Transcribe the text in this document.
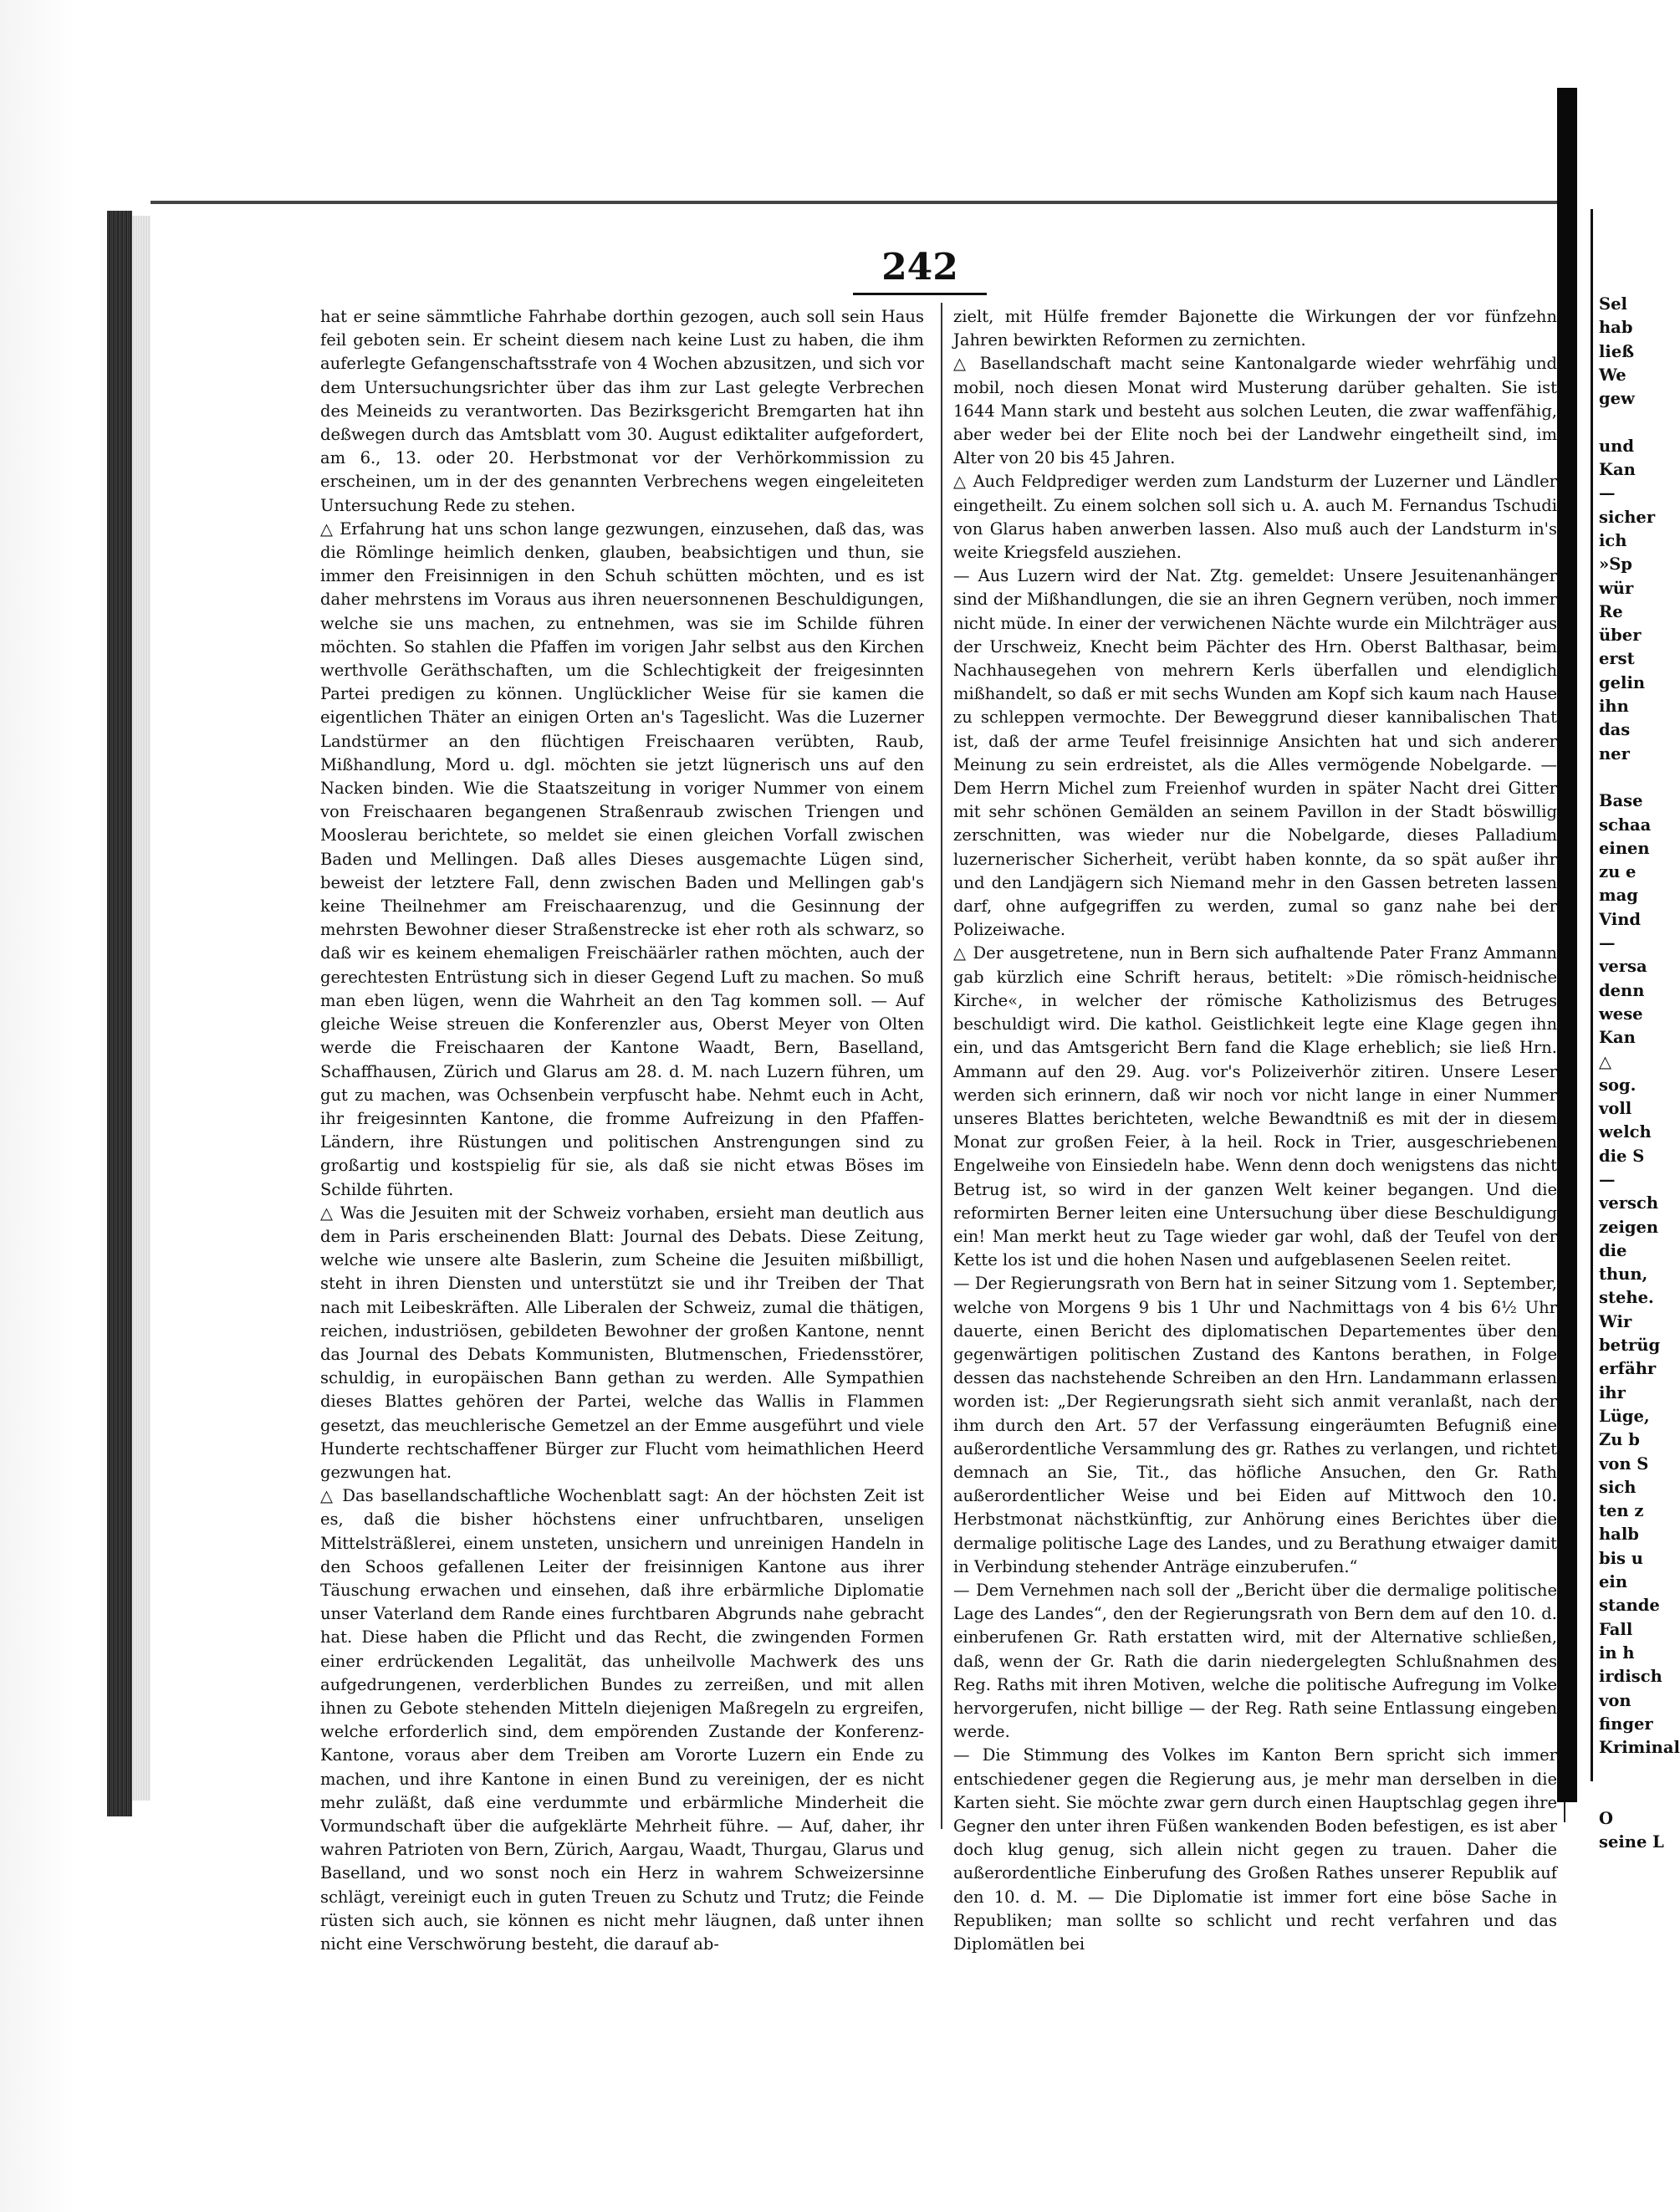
242

hat er seine sämmtliche Fahrhabe dorthin gezogen, auch soll sein Haus feil geboten sein. Er scheint diesem nach keine Lust zu haben, die ihm auferlegte Gefangenschaftsstrafe von 4 Wochen abzusitzen, und sich vor dem Untersuchungsrichter über das ihm zur Last gelegte Verbrechen des Meineids zu verantworten. Das Bezirksgericht Bremgarten hat ihn deßwegen durch das Amtsblatt vom 30. August ediktaliter aufgefordert, am 6., 13. oder 20. Herbstmonat vor der Verhörkommission zu erscheinen, um in der des genannten Verbrechens wegen eingeleiteten Untersuchung Rede zu stehen.

△ Erfahrung hat uns schon lange gezwungen, einzusehen, daß das, was die Römlinge heimlich denken, glauben, beabsichtigen und thun, sie immer den Freisinnigen in den Schuh schütten möchten, und es ist daher mehrstens im Voraus aus ihren neuersonnenen Beschuldigungen, welche sie uns machen, zu entnehmen, was sie im Schilde führen möchten. So stahlen die Pfaffen im vorigen Jahr selbst aus den Kirchen werthvolle Geräthschaften, um die Schlechtigkeit der freigesinnten Partei predigen zu können. Unglücklicher Weise für sie kamen die eigentlichen Thäter an einigen Orten an's Tageslicht. Was die Luzerner Landstürmer an den flüchtigen Freischaaren verübten, Raub, Mißhandlung, Mord u. dgl. möchten sie jetzt lügnerisch uns auf den Nacken binden. Wie die Staatszeitung in voriger Nummer von einem von Freischaaren begangenen Straßenraub zwischen Triengen und Mooslerau berichtete, so meldet sie einen gleichen Vorfall zwischen Baden und Mellingen. Daß alles Dieses ausgemachte Lügen sind, beweist der letztere Fall, denn zwischen Baden und Mellingen gab's keine Theilnehmer am Freischaarenzug, und die Gesinnung der mehrsten Bewohner dieser Straßenstrecke ist eher roth als schwarz, so daß wir es keinem ehemaligen Freischäärler rathen möchten, auch der gerechtesten Entrüstung sich in dieser Gegend Luft zu machen. So muß man eben lügen, wenn die Wahrheit an den Tag kommen soll. — Auf gleiche Weise streuen die Konferenzler aus, Oberst Meyer von Olten werde die Freischaaren der Kantone Waadt, Bern, Baselland, Schaffhausen, Zürich und Glarus am 28. d. M. nach Luzern führen, um gut zu machen, was Ochsenbein verpfuscht habe. Nehmt euch in Acht, ihr freigesinnten Kantone, die fromme Aufreizung in den Pfaffen-Ländern, ihre Rüstungen und politischen Anstrengungen sind zu großartig und kostspielig für sie, als daß sie nicht etwas Böses im Schilde führten.

△ Was die Jesuiten mit der Schweiz vorhaben, ersieht man deutlich aus dem in Paris erscheinenden Blatt: Journal des Debats. Diese Zeitung, welche wie unsere alte Baslerin, zum Scheine die Jesuiten mißbilligt, steht in ihren Diensten und unterstützt sie und ihr Treiben der That nach mit Leibeskräften. Alle Liberalen der Schweiz, zumal die thätigen, reichen, industriösen, gebildeten Bewohner der großen Kantone, nennt das Journal des Debats Kommunisten, Blutmenschen, Friedensstörer, schuldig, in europäischen Bann gethan zu werden. Alle Sympathien dieses Blattes gehören der Partei, welche das Wallis in Flammen gesetzt, das meuchlerische Gemetzel an der Emme ausgeführt und viele Hunderte rechtschaffener Bürger zur Flucht vom heimathlichen Heerd gezwungen hat.

△ Das basellandschaftliche Wochenblatt sagt: An der höchsten Zeit ist es, daß die bisher höchstens einer unfruchtbaren, unseligen Mittelsträßlerei, einem unsteten, unsichern und unreinigen Handeln in den Schoos gefallenen Leiter der freisinnigen Kantone aus ihrer Täuschung erwachen und einsehen, daß ihre erbärmliche Diplomatie unser Vaterland dem Rande eines furchtbaren Abgrunds nahe gebracht hat. Diese haben die Pflicht und das Recht, die zwingenden Formen einer erdrückenden Legalität, das unheilvolle Machwerk des uns aufgedrungenen, verderblichen Bundes zu zerreißen, und mit allen ihnen zu Gebote stehenden Mitteln diejenigen Maßregeln zu ergreifen, welche erforderlich sind, dem empörenden Zustande der Konferenz-Kantone, voraus aber dem Treiben am Vororte Luzern ein Ende zu machen, und ihre Kantone in einen Bund zu vereinigen, der es nicht mehr zuläßt, daß eine verdummte und erbärmliche Minderheit die Vormundschaft über die aufgeklärte Mehrheit führe. — Auf, daher, ihr wahren Patrioten von Bern, Zürich, Aargau, Waadt, Thurgau, Glarus und Baselland, und wo sonst noch ein Herz in wahrem Schweizersinne schlägt, vereinigt euch in guten Treuen zu Schutz und Trutz; die Feinde rüsten sich auch, sie können es nicht mehr läugnen, daß unter ihnen nicht eine Verschwörung besteht, die darauf ab-

zielt, mit Hülfe fremder Bajonette die Wirkungen der vor fünfzehn Jahren bewirkten Reformen zu zernichten.

△ Basellandschaft macht seine Kantonalgarde wieder wehrfähig und mobil, noch diesen Monat wird Musterung darüber gehalten. Sie ist 1644 Mann stark und besteht aus solchen Leuten, die zwar waffenfähig, aber weder bei der Elite noch bei der Landwehr eingetheilt sind, im Alter von 20 bis 45 Jahren.

△ Auch Feldprediger werden zum Landsturm der Luzerner und Ländler eingetheilt. Zu einem solchen soll sich u. A. auch M. Fernandus Tschudi von Glarus haben anwerben lassen. Also muß auch der Landsturm in's weite Kriegsfeld ausziehen.

— Aus Luzern wird der Nat. Ztg. gemeldet: Unsere Jesuitenanhänger sind der Mißhandlungen, die sie an ihren Gegnern verüben, noch immer nicht müde. In einer der verwichenen Nächte wurde ein Milchträger aus der Urschweiz, Knecht beim Pächter des Hrn. Oberst Balthasar, beim Nachhausegehen von mehrern Kerls überfallen und elendiglich mißhandelt, so daß er mit sechs Wunden am Kopf sich kaum nach Hause zu schleppen vermochte. Der Beweggrund dieser kannibalischen That ist, daß der arme Teufel freisinnige Ansichten hat und sich anderer Meinung zu sein erdreistet, als die Alles vermögende Nobelgarde. — Dem Herrn Michel zum Freienhof wurden in später Nacht drei Gitter mit sehr schönen Gemälden an seinem Pavillon in der Stadt böswillig zerschnitten, was wieder nur die Nobelgarde, dieses Palladium luzernerischer Sicherheit, verübt haben konnte, da so spät außer ihr und den Landjägern sich Niemand mehr in den Gassen betreten lassen darf, ohne aufgegriffen zu werden, zumal so ganz nahe bei der Polizeiwache.

△ Der ausgetretene, nun in Bern sich aufhaltende Pater Franz Ammann gab kürzlich eine Schrift heraus, betitelt: »Die römisch-heidnische Kirche«, in welcher der römische Katholizismus des Betruges beschuldigt wird. Die kathol. Geistlichkeit legte eine Klage gegen ihn ein, und das Amtsgericht Bern fand die Klage erheblich; sie ließ Hrn. Ammann auf den 29. Aug. vor's Polizeiverhör zitiren. Unsere Leser werden sich erinnern, daß wir noch vor nicht lange in einer Nummer unseres Blattes berichteten, welche Bewandtniß es mit der in diesem Monat zur großen Feier, à la heil. Rock in Trier, ausgeschriebenen Engelweihe von Einsiedeln habe. Wenn denn doch wenigstens das nicht Betrug ist, so wird in der ganzen Welt keiner begangen. Und die reformirten Berner leiten eine Untersuchung über diese Beschuldigung ein! Man merkt heut zu Tage wieder gar wohl, daß der Teufel von der Kette los ist und die hohen Nasen und aufgeblasenen Seelen reitet.

— Der Regierungsrath von Bern hat in seiner Sitzung vom 1. September, welche von Morgens 9 bis 1 Uhr und Nachmittags von 4 bis 6½ Uhr dauerte, einen Bericht des diplomatischen Departementes über den gegenwärtigen politischen Zustand des Kantons berathen, in Folge dessen das nachstehende Schreiben an den Hrn. Landammann erlassen worden ist: „Der Regierungsrath sieht sich anmit veranlaßt, nach der ihm durch den Art. 57 der Verfassung eingeräumten Befugniß eine außerordentliche Versammlung des gr. Rathes zu verlangen, und richtet demnach an Sie, Tit., das höfliche Ansuchen, den Gr. Rath außerordentlicher Weise und bei Eiden auf Mittwoch den 10. Herbstmonat nächstkünftig, zur Anhörung eines Berichtes über die dermalige politische Lage des Landes, und zu Berathung etwaiger damit in Verbindung stehender Anträge einzuberufen.“

— Dem Vernehmen nach soll der „Bericht über die dermalige politische Lage des Landes“, den der Regierungsrath von Bern dem auf den 10. d. einberufenen Gr. Rath erstatten wird, mit der Alternative schließen, daß, wenn der Gr. Rath die darin niedergelegten Schlußnahmen des Reg. Raths mit ihren Motiven, welche die politische Aufregung im Volke hervorgerufen, nicht billige — der Reg. Rath seine Entlassung eingeben werde.

— Die Stimmung des Volkes im Kanton Bern spricht sich immer entschiedener gegen die Regierung aus, je mehr man derselben in die Karten sieht. Sie möchte zwar gern durch einen Hauptschlag gegen ihre Gegner den unter ihren Füßen wankenden Boden befestigen, es ist aber doch klug genug, sich allein nicht gegen zu trauen. Daher die außerordentliche Einberufung des Großen Rathes unserer Republik auf den 10. d. M. — Die Diplomatie ist immer fort eine böse Sache in Republiken; man sollte so schlicht und recht verfahren und das Diplomätlen bei

Sel
hab
ließ
We
gew
und
Kan
—
sicher
ich
»Sp
wür
Re
über
erst
gelin
ihn
das
ner
Base
schaa
einen
zu e
mag
Vind
—
versa
denn
wese
Kan
△
sog.
voll
welch
die S
—
versch
zeigen
die
thun,
stehe.
Wir
betrüg
erfähr
ihr
Lüge,
Zu b
von S
sich
ten z
halb
bis u
ein
stande
Fall
in h
irdisch
von
finger
Kriminal
O
seine L
